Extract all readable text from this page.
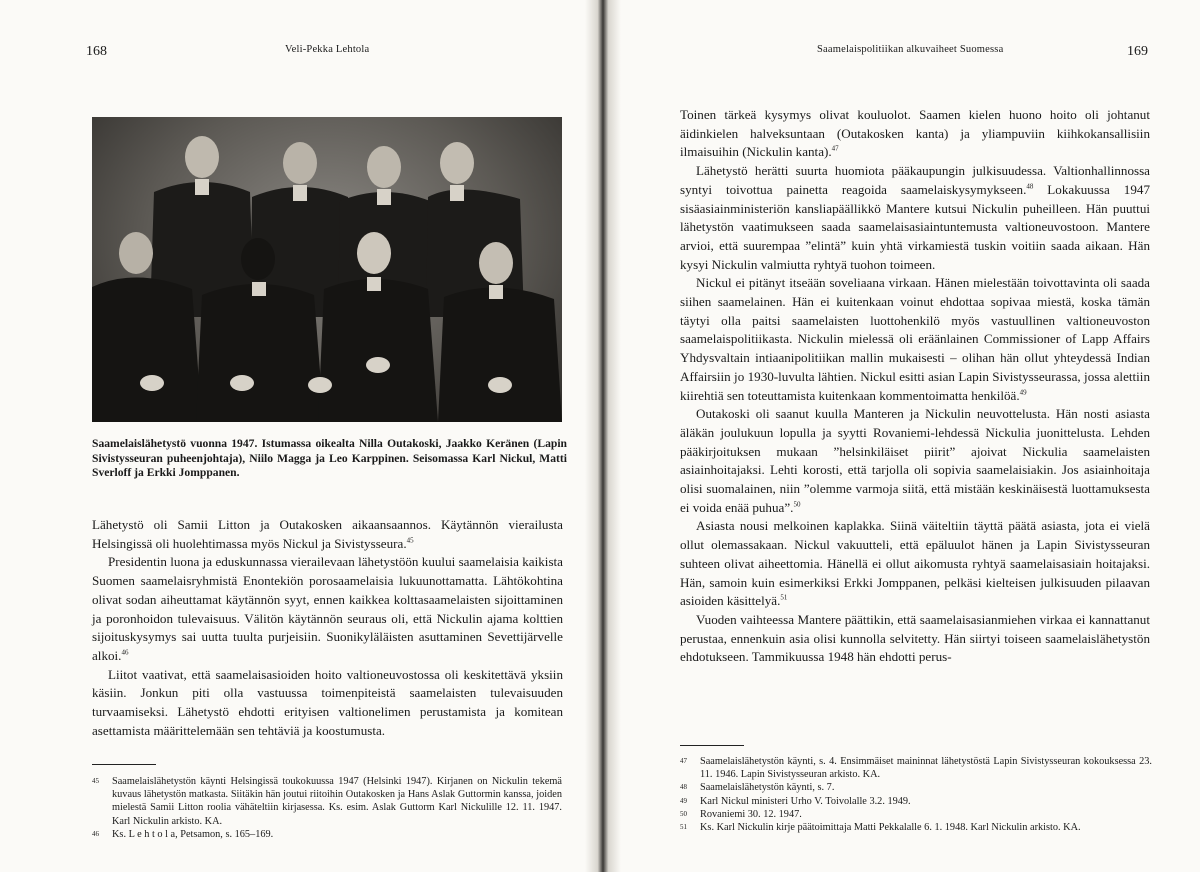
168	Veli-Pekka Lehtola
Saamelaislähetystö vuonna 1947. Istumassa oikealta Nilla Outakoski, Jaakko Keränen (Lapin Sivistysseuran puheenjohtaja), Niilo Magga ja Leo Karppinen. Seisomassa Karl Nickul, Matti Sverloff ja Erkki Jomppanen.

Lähetystö oli Samii Litton ja Outakosken aikaansaannos. Käytännön vierailusta Helsingissä oli huolehtimassa myös Nickul ja Sivistysseura.$^{45}$

Presidentin luona ja eduskunnassa vierailevaan lähetystöön kuului saamelaisia kaikista Suomen saamelaisryhmistä Enontekiön porosaamelaisia lukuunottamatta. Lähtökohtina olivat sodan aiheuttamat käytännön syyt, ennen kaikkea kolttasaamelaisten sijoittaminen ja poronhoidon tulevaisuus. Välitön käytännön seuraus oli, että Nickulin ajama kolttien sijoituskysymys sai uutta tuulta purjeisiin. Suonikyläläisten asuttaminen Sevettijärvelle alkoi.$^{46}$

Liitot vaativat, että saamelaisasioiden hoito valtioneuvostossa oli keskitettävä yksiin käsiin. Jonkun piti olla vastuussa toimenpiteistä saamelaisten tulevaisuuden turvaamiseksi. Lähetystö ehdotti erityisen valtionelimen perustamista ja komitean asettamista määrittelemään sen tehtäviä ja koostumusta.

45 Saamelaislähetystön käynti Helsingissä toukokuussa 1947 (Helsinki 1947). Kirjanen on Nickulin tekemä kuvaus lähetystön matkasta. Siitäkin hän joutui riitoihin Outakosken ja Hans Aslak Guttormin kanssa, joiden mielestä Samii Litton roolia vähäteltiin kirjasessa. Ks. esim. Aslak Guttorm Karl Nickulille 12. 11. 1947. Karl Nickulin arkisto. KA.
46 Ks. L e h t o l a, Petsamon, s. 165–169.
Saamelaispolitiikan alkuvaiheet Suomessa	169

Toinen tärkeä kysymys olivat kouluolot. Saamen kielen huono hoito oli johtanut äidinkielen halveksuntaan (Outakosken kanta) ja yliampuviin kiihkokansallisiin ilmaisuihin (Nickulin kanta).$^{47}$

Lähetystö herätti suurta huomiota pääkaupungin julkisuudessa. Valtionhallinnossa syntyi toivottua painetta reagoida saamelaiskysymykseen.$^{48}$ Lokakuussa 1947 sisäasiainministeriön kansliapäällikkö Mantere kutsui Nickulin puheilleen. Hän puuttui lähetystön vaatimukseen saada saamelaisasiaintuntemusta valtioneuvostoon. Mantere arvioi, että suurempaa ”elintä” kuin yhtä virkamiestä tuskin voitiin saada aikaan. Hän kysyi Nickulin valmiutta ryhtyä tuohon toimeen.

Nickul ei pitänyt itseään soveliaana virkaan. Hänen mielestään toivottavinta oli saada siihen saamelainen. Hän ei kuitenkaan voinut ehdottaa sopivaa miestä, koska tämän täytyi olla paitsi saamelaisten luottohenkilö myös vastuullinen valtioneuvoston saamelaispolitiikasta. Nickulin mielessä oli eräänlainen Commissioner of Lapp Affairs Yhdysvaltain intiaanipolitiikan mallin mukaisesti – olihan hän ollut yhteydessä Indian Affairsiin jo 1930-luvulta lähtien. Nickul esitti asian Lapin Sivistysseurassa, jossa alettiin kiirehtiä sen toteuttamista kuitenkaan kommentoimatta henkilöä.$^{49}$

Outakoski oli saanut kuulla Manteren ja Nickulin neuvottelusta. Hän nosti asiasta äläkän joulukuun lopulla ja syytti Rovaniemi-lehdessä Nickulia juonittelusta. Lehden pääkirjoituksen mukaan ”helsinkiläiset piirit” ajoivat Nickulia saamelaisten asiainhoitajaksi. Lehti korosti, että tarjolla oli sopivia saamelaisiakin. Jos asiainhoitaja olisi suomalainen, niin ”olemme varmoja siitä, että mistään keskinäisestä luottamuksesta ei voida enää puhua”.$^{50}$

Asiasta nousi melkoinen kaplakka. Siinä väiteltiin täyttä päätä asiasta, jota ei vielä ollut olemassakaan. Nickul vakuutteli, että epäluulot hänen ja Lapin Sivistysseuran suhteen olivat aiheettomia. Hänellä ei ollut aikomusta ryhtyä saamelaisasiain hoitajaksi. Hän, samoin kuin esimerkiksi Erkki Jomppanen, pelkäsi kielteisen julkisuuden pilaavan asioiden käsittelyä.$^{51}$

Vuoden vaihteessa Mantere päättikin, että saamelaisasianmiehen virkaa ei kannattanut perustaa, ennenkuin asia olisi kunnolla selvitetty. Hän siirtyi toiseen saamelaislähetystön ehdotukseen. Tammikuussa 1948 hän ehdotti perus-

47 Saamelaislähetystön käynti, s. 4. Ensimmäiset maininnat lähetystöstä Lapin Sivistysseuran kokouksessa 23. 11. 1946. Lapin Sivistysseuran arkisto. KA.
48 Saamelaislähetystön käynti, s. 7.
49 Karl Nickul ministeri Urho V. Toivolalle 3.2. 1949.
50 Rovaniemi 30. 12. 1947.
51 Ks. Karl Nickulin kirje päätoimittaja Matti Pekkalalle 6. 1. 1948. Karl Nickulin arkisto. KA.
